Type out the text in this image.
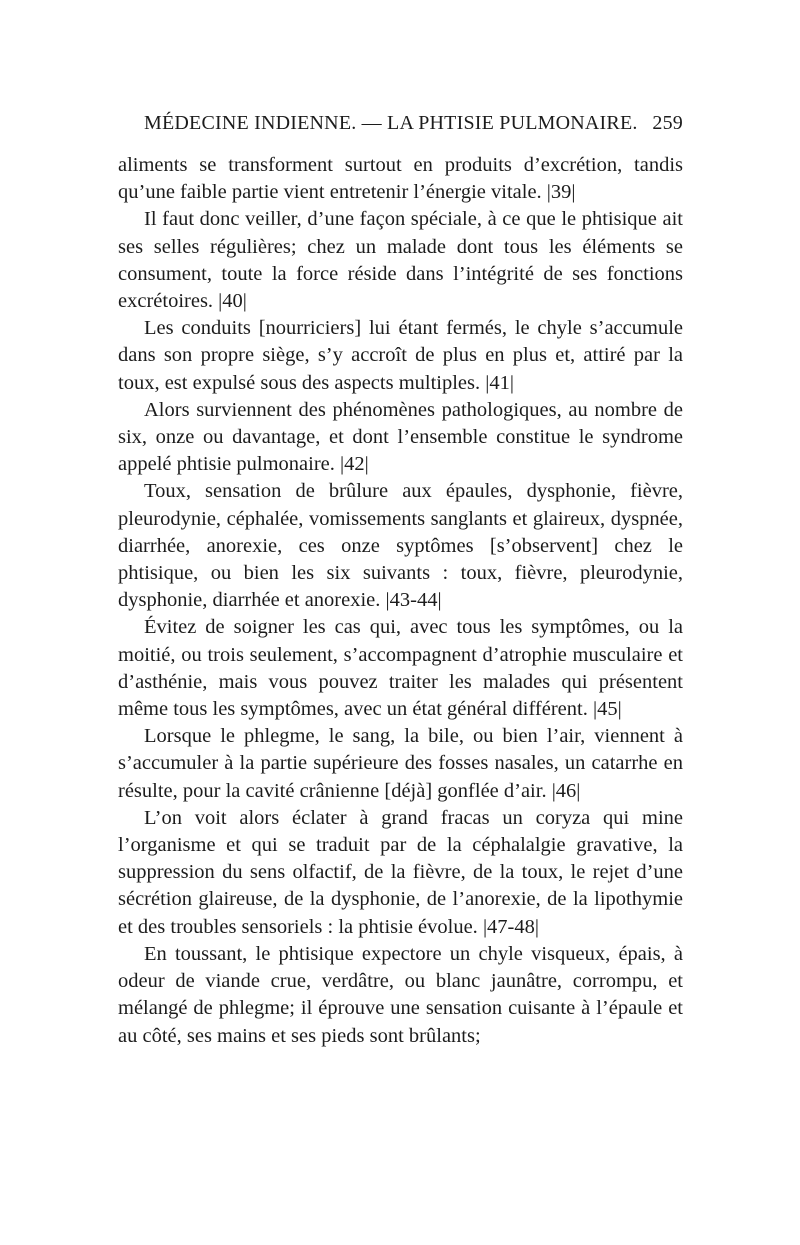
MÉDECINE INDIENNE. — LA PHTISIE PULMONAIRE. 259

aliments se transforment surtout en produits d’excrétion, tandis qu’une faible partie vient entretenir l’énergie vitale. |39|

Il faut donc veiller, d’une façon spéciale, à ce que le phtisique ait ses selles régulières; chez un malade dont tous les éléments se consument, toute la force réside dans l’intégrité de ses fonctions excrétoires. |40|

Les conduits [nourriciers] lui étant fermés, le chyle s’accumule dans son propre siège, s’y accroît de plus en plus et, attiré par la toux, est expulsé sous des aspects multiples. |41|

Alors surviennent des phénomènes pathologiques, au nombre de six, onze ou davantage, et dont l’ensemble constitue le syndrome appelé phtisie pulmonaire. |42|

Toux, sensation de brûlure aux épaules, dysphonie, fièvre, pleurodynie, céphalée, vomissements sanglants et glaireux, dyspnée, diarrhée, anorexie, ces onze syptômes [s’observent] chez le phtisique, ou bien les six suivants : toux, fièvre, pleurodynie, dysphonie, diarrhée et anorexie. |43-44|

Évitez de soigner les cas qui, avec tous les symptômes, ou la moitié, ou trois seulement, s’accompagnent d’atrophie musculaire et d’asthénie, mais vous pouvez traiter les malades qui présentent même tous les symptômes, avec un état général différent. |45|

Lorsque le phlegme, le sang, la bile, ou bien l’air, viennent à s’accumuler à la partie supérieure des fosses nasales, un catarrhe en résulte, pour la cavité crânienne [déjà] gonflée d’air. |46|

L’on voit alors éclater à grand fracas un coryza qui mine l’organisme et qui se traduit par de la céphalalgie gravative, la suppression du sens olfactif, de la fièvre, de la toux, le rejet d’une sécrétion glaireuse, de la dysphonie, de l’anorexie, de la lipothymie et des troubles sensoriels : la phtisie évolue. |47-48|

En toussant, le phtisique expectore un chyle visqueux, épais, à odeur de viande crue, verdâtre, ou blanc jaunâtre, corrompu, et mélangé de phlegme; il éprouve une sensation cuisante à l’épaule et au côté, ses mains et ses pieds sont brûlants;
